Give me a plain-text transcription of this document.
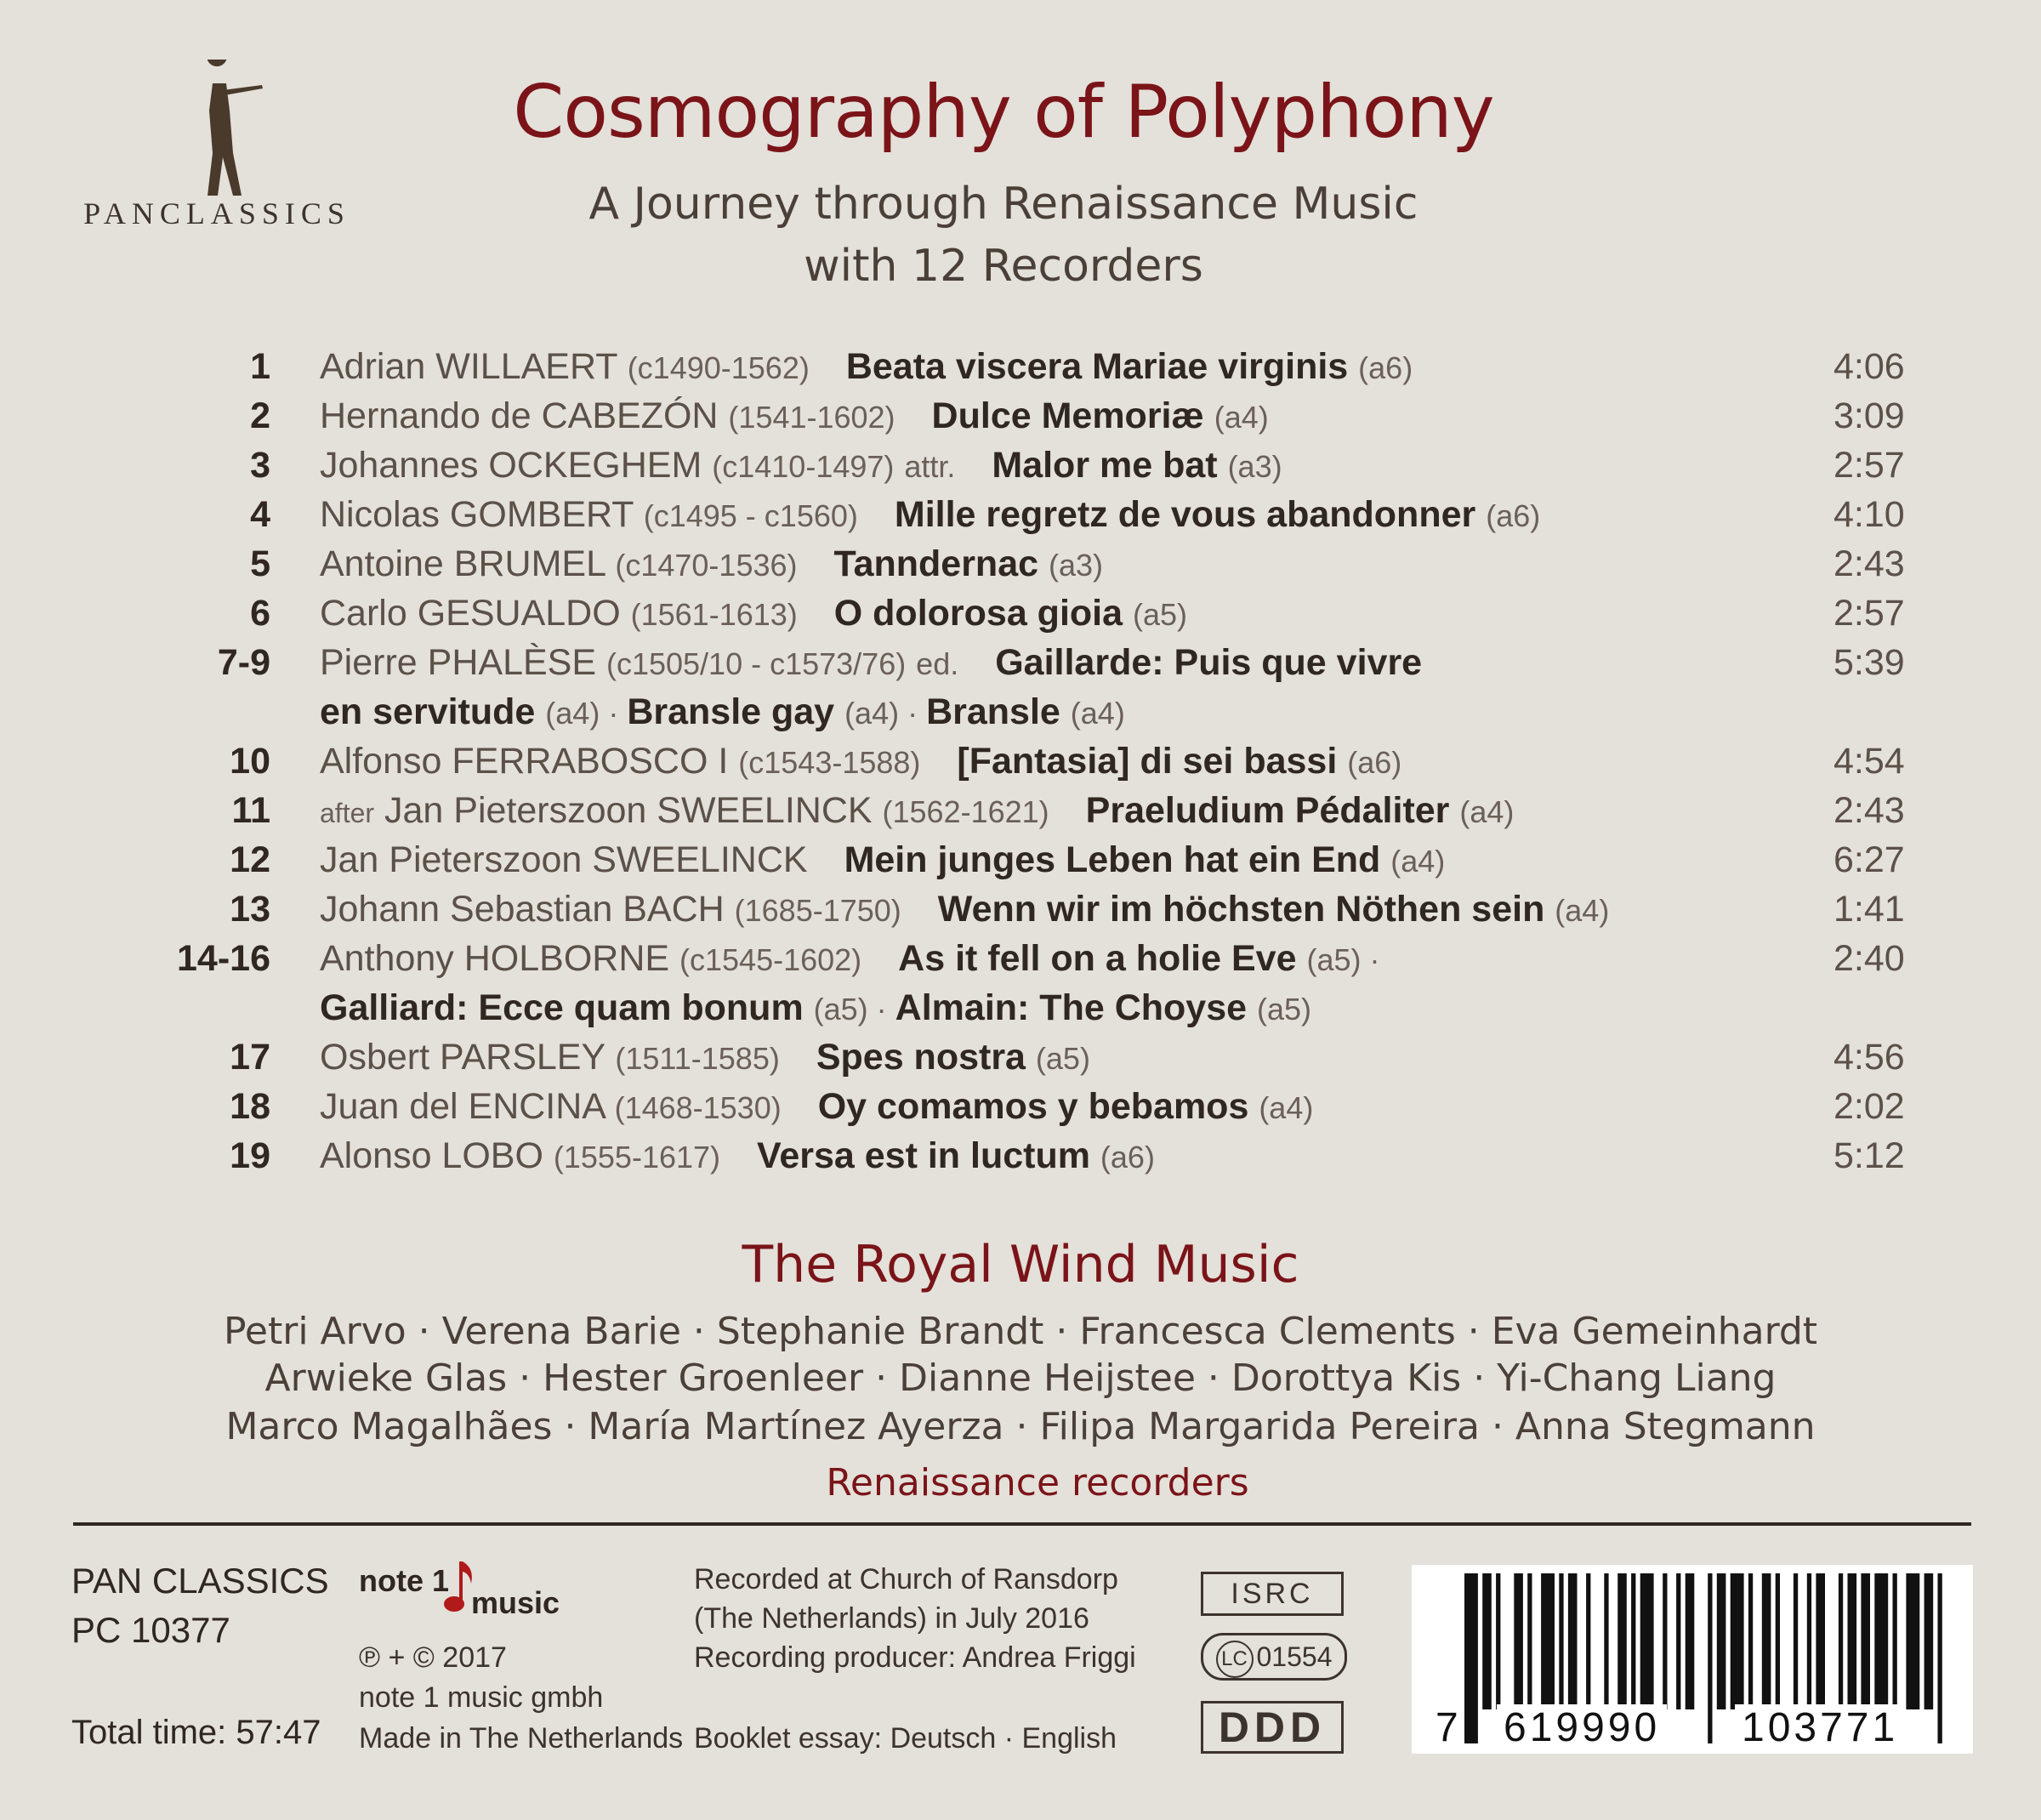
PANCLASSICS
Cosmography of Polyphony
A Journey through Renaissance Music
with 12 Recorders
1 Adrian WILLAERT (c1490-1562)  Beata viscera Mariae virginis (a6)	4:06
2 Hernando de CABEZÓN (1541-1602)  Dulce Memoriæ (a4)	3:09
3 Johannes OCKEGHEM (c1410-1497) attr.  Malor me bat (a3)	2:57
4 Nicolas GOMBERT (c1495 - c1560)  Mille regretz de vous abandonner (a6)	4:10
5 Antoine BRUMEL (c1470-1536)  Tanndernac (a3)	2:43
6 Carlo GESUALDO (1561-1613)  O dolorosa gioia (a5)	2:57
7-9 Pierre PHALÈSE (c1505/10 - c1573/76) ed.  Gaillarde: Puis que vivre	5:39
en servitude (a4) · Bransle gay (a4) · Bransle (a4)
10 Alfonso FERRABOSCO I (c1543-1588)  [Fantasia] di sei bassi (a6)	4:54
11 after Jan Pieterszoon SWEELINCK (1562-1621)  Praeludium Pédaliter (a4)	2:43
12 Jan Pieterszoon SWEELINCK  Mein junges Leben hat ein End (a4)	6:27
13 Johann Sebastian BACH (1685-1750)  Wenn wir im höchsten Nöthen sein (a4)	1:41
14-16 Anthony HOLBORNE (c1545-1602)  As it fell on a holie Eve (a5) ·	2:40
Galliard: Ecce quam bonum (a5) · Almain: The Choyse (a5)
17 Osbert PARSLEY (1511-1585)  Spes nostra (a5)	4:56
18 Juan del ENCINA (1468-1530)  Oy comamos y bebamos (a4)	2:02
19 Alonso LOBO (1555-1617)  Versa est in luctum (a6)	5:12
The Royal Wind Music
Petri Arvo · Verena Barie · Stephanie Brandt · Francesca Clements · Eva Gemeinhardt
Arwieke Glas · Hester Groenleer · Dianne Heijstee · Dorottya Kis · Yi-Chang Liang
Marco Magalhães · María Martínez Ayerza · Filipa Margarida Pereira · Anna Stegmann
Renaissance recorders
PAN CLASSICS
PC 10377
Total time: 57:47
note 1
music
℗ + © 2017
note 1 music gmbh
Made in The Netherlands
Recorded at Church of Ransdorp
(The Netherlands) in July 2016
Recording producer: Andrea Friggi
Booklet essay: Deutsch · English
ISRC
LC 01554
DDD	7 619990 103771
